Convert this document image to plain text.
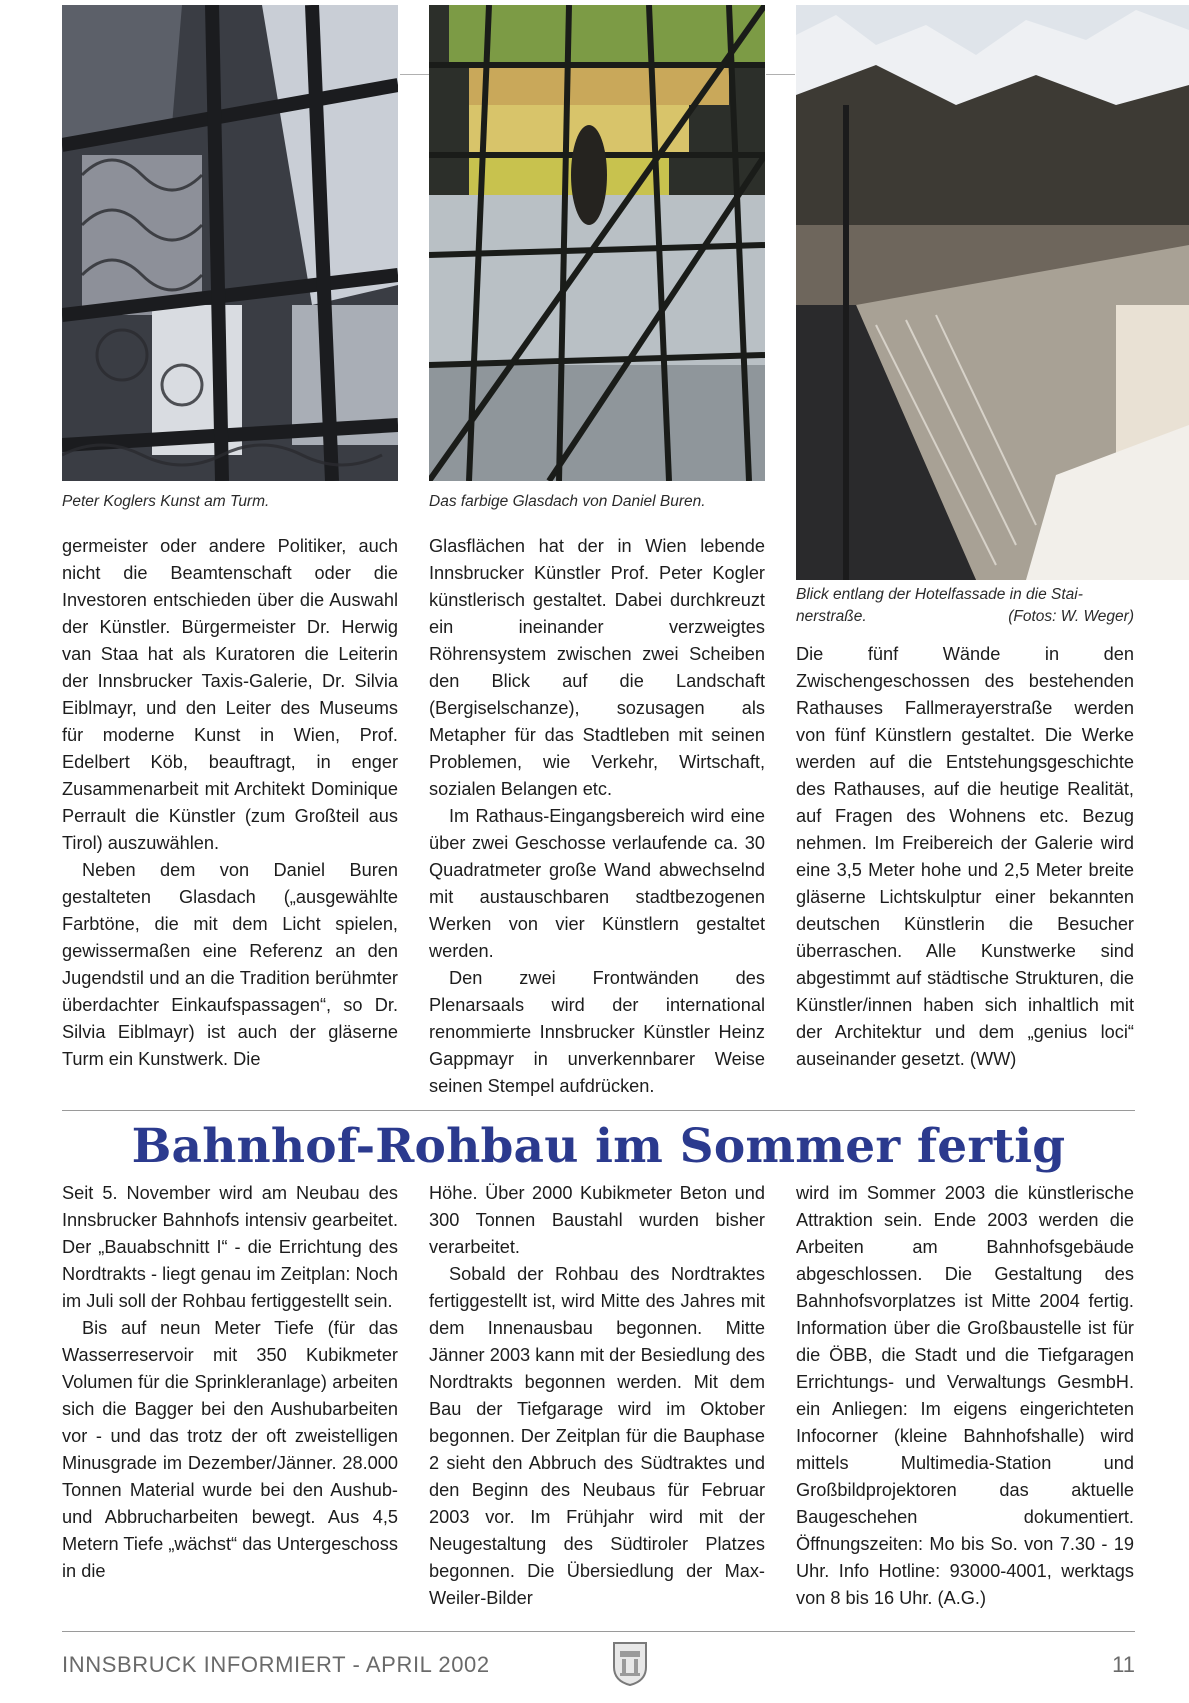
Peter Koglers Kunst am Turm.	Das farbige Glasdach von Daniel Buren.
Blick entlang der Hotelfassade in die Stai-
nerstraße.	(Fotos: W. Weger)

germeister oder andere Politiker, auch nicht die Beamtenschaft oder die Investoren entschieden über die Auswahl der Künstler. Bürgermeister Dr. Herwig van Staa hat als Kuratoren die Leiterin der Innsbrucker Taxis-Galerie, Dr. Silvia Eiblmayr, und den Leiter des Museums für moderne Kunst in Wien, Prof. Edelbert Köb, beauftragt, in enger Zusammenarbeit mit Architekt Dominique Perrault die Künstler (zum Großteil aus Tirol) auszuwählen.

Neben dem von Daniel Buren gestalteten Glasdach („ausgewählte Farbtöne, die mit dem Licht spielen, gewissermaßen eine Referenz an den Jugendstil und an die Tradition berühmter überdachter Einkaufspassagen“, so Dr. Silvia Eiblmayr) ist auch der gläserne Turm ein Kunstwerk. Die

Glasflächen hat der in Wien lebende Innsbrucker Künstler Prof. Peter Kogler künstlerisch gestaltet. Dabei durchkreuzt ein ineinander verzweigtes Röhrensystem zwischen zwei Scheiben den Blick auf die Landschaft (Bergiselschanze), sozusagen als Metapher für das Stadtleben mit seinen Problemen, wie Verkehr, Wirtschaft, sozialen Belangen etc.

Im Rathaus-Eingangsbereich wird eine über zwei Geschosse verlaufende ca. 30 Quadratmeter große Wand abwechselnd mit austauschbaren stadtbezogenen Werken von vier Künstlern gestaltet werden.

Den zwei Frontwänden des Plenarsaals wird der international renommierte Innsbrucker Künstler Heinz Gappmayr in unverkennbarer Weise seinen Stempel aufdrücken.

Die fünf Wände in den Zwischengeschossen des bestehenden Rathauses Fallmerayerstraße werden von fünf Künstlern gestaltet. Die Werke werden auf die Entstehungsgeschichte des Rathauses, auf die heutige Realität, auf Fragen des Wohnens etc. Bezug nehmen. Im Freibereich der Galerie wird eine 3,5 Meter hohe und 2,5 Meter breite gläserne Lichtskulptur einer bekannten deutschen Künstlerin die Besucher überraschen. Alle Kunstwerke sind abgestimmt auf städtische Strukturen, die Künstler/innen haben sich inhaltlich mit der Architektur und dem „genius loci“ auseinander gesetzt. (WW)

Bahnhof-Rohbau im Sommer fertig

Seit 5. November wird am Neubau des Innsbrucker Bahnhofs intensiv gearbeitet. Der „Bauabschnitt I“ - die Errichtung des Nordtrakts - liegt genau im Zeitplan: Noch im Juli soll der Rohbau fertiggestellt sein.

Bis auf neun Meter Tiefe (für das Wasserreservoir mit 350 Kubikmeter Volumen für die Sprinkleranlage) arbeiten sich die Bagger bei den Aushubarbeiten vor - und das trotz der oft zweistelligen Minusgrade im Dezember/Jänner. 28.000 Tonnen Material wurde bei den Aushub- und Abbrucharbeiten bewegt. Aus 4,5 Metern Tiefe „wächst“ das Untergeschoss in die

Höhe. Über 2000 Kubikmeter Beton und 300 Tonnen Baustahl wurden bisher verarbeitet.

Sobald der Rohbau des Nordtraktes fertiggestellt ist, wird Mitte des Jahres mit dem Innenausbau begonnen. Mitte Jänner 2003 kann mit der Besiedlung des Nordtrakts begonnen werden. Mit dem Bau der Tiefgarage wird im Oktober begonnen. Der Zeitplan für die Bauphase 2 sieht den Abbruch des Südtraktes und den Beginn des Neubaus für Februar 2003 vor. Im Frühjahr wird mit der Neugestaltung des Südtiroler Platzes begonnen. Die Übersiedlung der Max-Weiler-Bilder

wird im Sommer 2003 die künstlerische Attraktion sein. Ende 2003 werden die Arbeiten am Bahnhofsgebäude abgeschlossen. Die Gestaltung des Bahnhofsvorplatzes ist Mitte 2004 fertig. Information über die Großbaustelle ist für die ÖBB, die Stadt und die Tiefgaragen Errichtungs- und Verwaltungs GesmbH. ein Anliegen: Im eigens eingerichteten Infocorner (kleine Bahnhofshalle) wird mittels Multimedia-Station und Großbildprojektoren das aktuelle Baugeschehen dokumentiert. Öffnungszeiten: Mo bis So. von 7.30 - 19 Uhr. Info Hotline: 93000-4001, werktags von 8 bis 16 Uhr. (A.G.)

INNSBRUCK INFORMIERT - APRIL 2002	11
